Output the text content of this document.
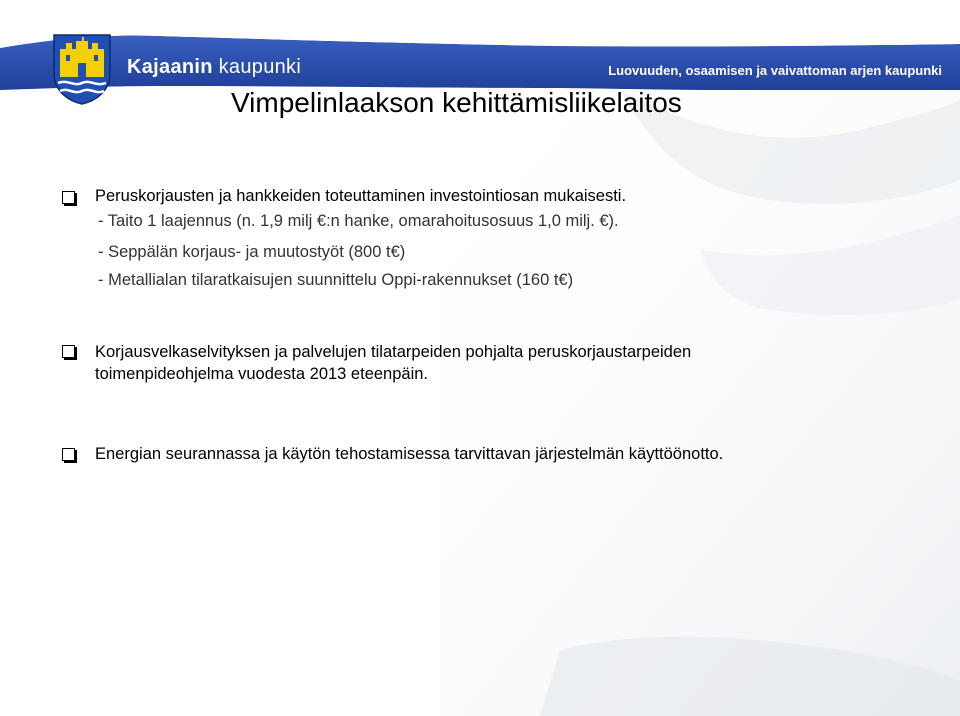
Kajaanin kaupunki	Luovuuden, osaamisen ja vaivattoman arjen kaupunki
Vimpelinlaakson kehittämisliikelaitos
Peruskorjausten ja hankkeiden toteuttaminen investointiosan mukaisesti.
- Taito 1 laajennus (n. 1,9 milj €:n hanke, omarahoitusosuus 1,0 milj. €).
- Seppälän korjaus- ja muutostyöt (800 t€)
- Metallialan tilaratkaisujen suunnittelu Oppi-rakennukset (160 t€)
Korjausvelkaselvityksen ja palvelujen tilatarpeiden pohjalta peruskorjaustarpeiden
toimenpideohjelma vuodesta 2013 eteenpäin.
Energian seurannassa ja käytön tehostamisessa tarvittavan järjestelmän käyttöönotto.
